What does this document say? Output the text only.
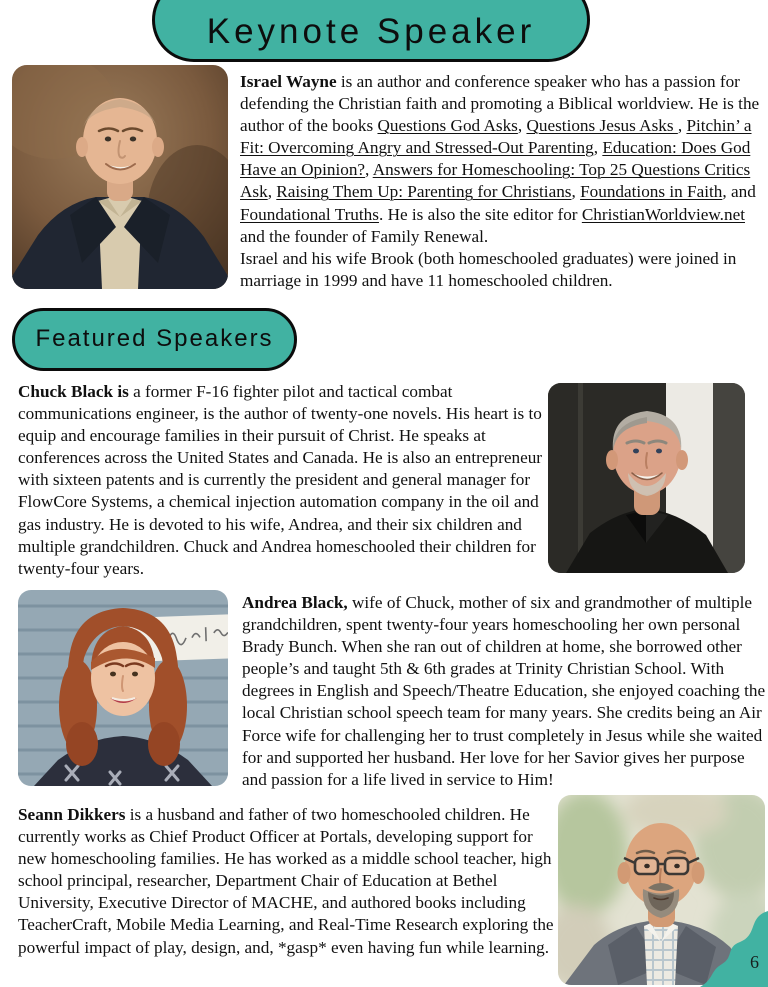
Keynote Speaker
Israel Wayne is an author and conference speaker who has a passion for defending the Christian faith and promoting a Biblical worldview. He is the author of the books Questions God Asks, Questions Jesus Asks , Pitchin’ a Fit: Overcoming Angry and Stressed-Out Parenting, Education: Does God Have an Opinion?, Answers for Homeschooling: Top 25 Questions Critics Ask, Raising Them Up: Parenting for Christians, Foundations in Faith, and Foundational Truths. He is also the site editor for ChristianWorldview.net and the founder of Family Renewal.
Israel and his wife Brook (both homeschooled graduates) were joined in marriage in 1999 and have 11 homeschooled children.
Featured Speakers
Chuck Black is a former F-16 fighter pilot and tactical combat communications engineer, is the author of twenty-one novels. His heart is to equip and encourage families in their pursuit of Christ. He speaks at conferences across the United States and Canada. He is also an entrepreneur with sixteen patents and is currently the president and general manager for FlowCore Systems, a chemical injection automation company in the oil and gas industry. He is devoted to his wife, Andrea, and their six children and multiple grandchildren. Chuck and Andrea homeschooled their children for twenty-four years.
Andrea Black, wife of Chuck, mother of six and grandmother of multiple grandchildren, spent twenty-four years homeschooling her own personal Brady Bunch. When she ran out of children at home, she borrowed other people’s and taught 5th & 6th grades at Trinity Christian School. With degrees in English and Speech/Theatre Education, she enjoyed coaching the local Christian school speech team for many years. She credits being an Air Force wife for challenging her to trust completely in Jesus while she waited for and supported her husband. Her love for her Savior gives her purpose and passion for a life lived in service to Him!
Seann Dikkers is a husband and father of two homeschooled children. He currently works as Chief Product Officer at Portals, developing support for new homeschooling families. He has worked as a middle school teacher, high school principal, researcher, Department Chair of Education at Bethel University, Executive Director of MACHE, and authored books including TeacherCraft, Mobile Media Learning, and Real-Time Research exploring the powerful impact of play, design, and, *gasp* even having fun while learning.
6
